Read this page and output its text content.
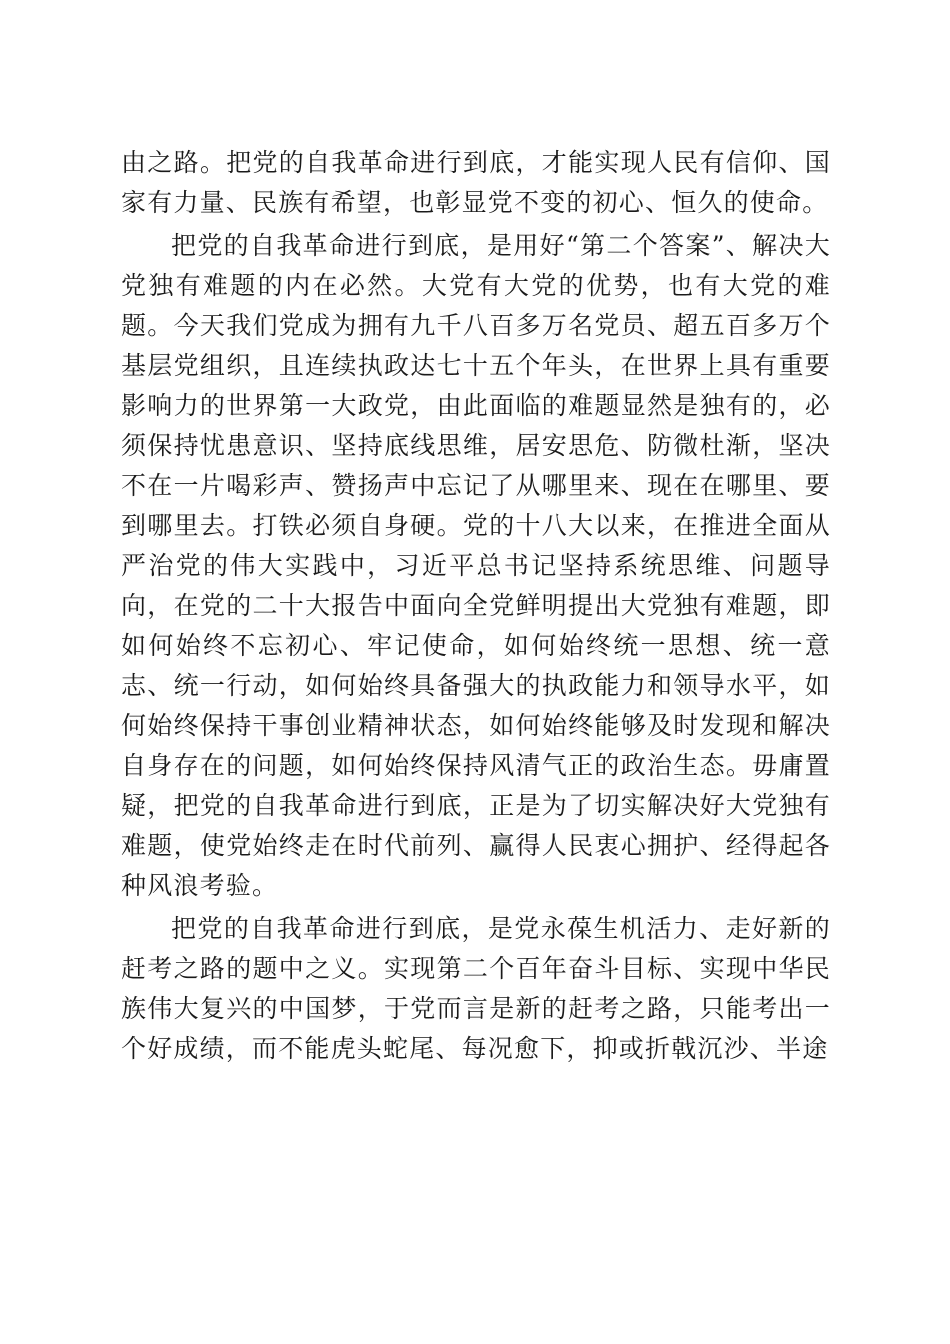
由之路。把党的自我革命进行到底，才能实现人民有信仰、国家有力量、民族有希望，也彰显党不变的初心、恒久的使命。

把党的自我革命进行到底，是用好“第二个答案”、解决大党独有难题的内在必然。大党有大党的优势，也有大党的难题。今天我们党成为拥有九千八百多万名党员、超五百多万个基层党组织，且连续执政达七十五个年头，在世界上具有重要影响力的世界第一大政党，由此面临的难题显然是独有的，必须保持忧患意识、坚持底线思维，居安思危、防微杜渐，坚决不在一片喝彩声、赞扬声中忘记了从哪里来、现在在哪里、要到哪里去。打铁必须自身硬。党的十八大以来，在推进全面从严治党的伟大实践中，习近平总书记坚持系统思维、问题导向，在党的二十大报告中面向全党鲜明提出大党独有难题，即如何始终不忘初心、牢记使命，如何始终统一思想、统一意志、统一行动，如何始终具备强大的执政能力和领导水平，如何始终保持干事创业精神状态，如何始终能够及时发现和解决自身存在的问题，如何始终保持风清气正的政治生态。毋庸置疑，把党的自我革命进行到底，正是为了切实解决好大党独有难题，使党始终走在时代前列、赢得人民衷心拥护、经得起各种风浪考验。

把党的自我革命进行到底，是党永葆生机活力、走好新的赶考之路的题中之义。实现第二个百年奋斗目标、实现中华民族伟大复兴的中国梦，于党而言是新的赶考之路，只能考出一个好成绩，而不能虎头蛇尾、每况愈下，抑或折戟沉沙、半途
